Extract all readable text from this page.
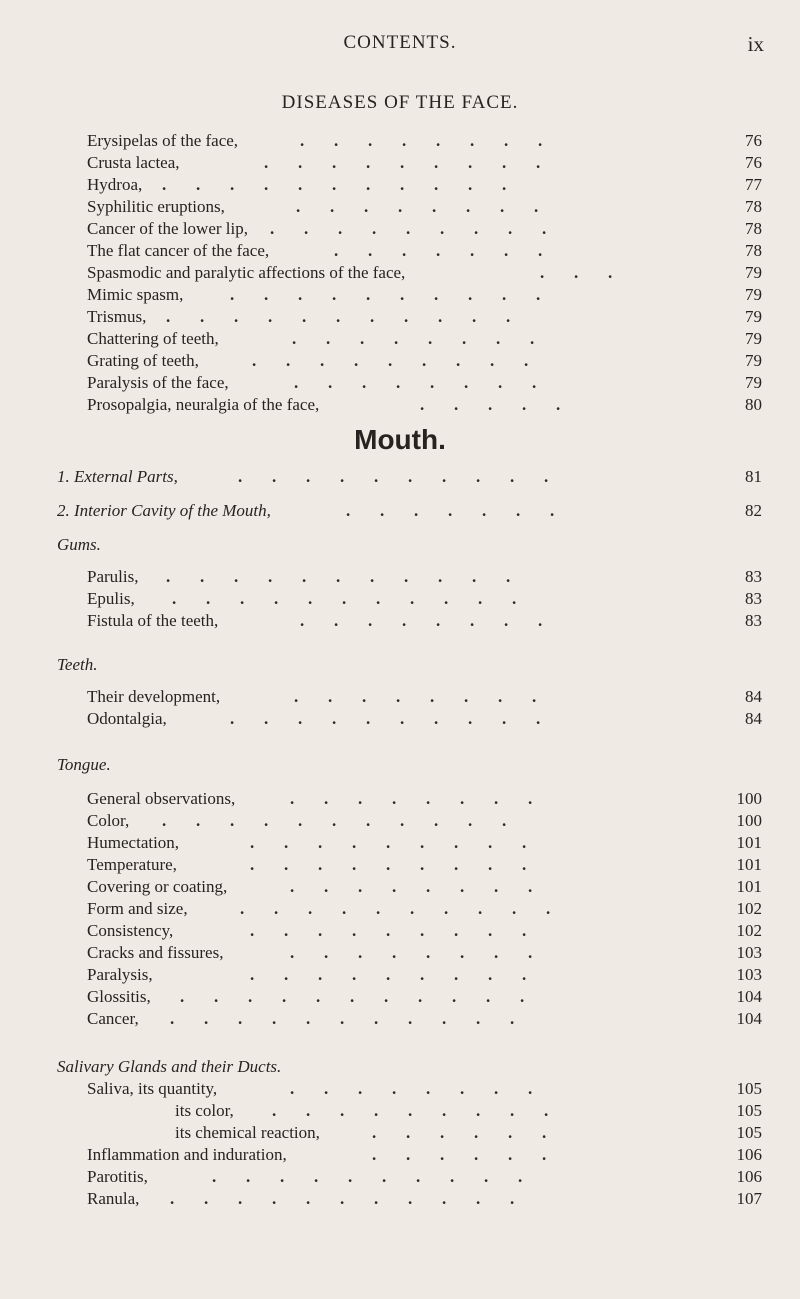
CONTENTS.	ix
DISEASES OF THE FACE.
Erysipelas of the face,	.       .       .       .       .       .       .       .	76
Crusta lactea,	.       .       .       .       .       .       .       .       .	76
Hydroa, .       .       .       .       .       .       .       .       .       .       .	77
Syphilitic eruptions,	.       .       .       .       .       .       .       .	78
Cancer of the lower lip, .       .       .       .       .       .       .       .       .	78
The flat cancer of the face,	.       .       .       .       .       .       .	78
Spasmodic and paralytic affections of the face,	.       .       .	79
Mimic spasm,	.       .       .       .       .       .       .       .       .       .	79
Trismus, .       .       .       .       .       .       .       .       .       .       .	79
Chattering of teeth,	.       .       .       .       .       .       .       .	79
Grating of teeth,	.       .       .       .       .       .       .       .       .	79
Paralysis of the face,	.       .       .       .       .       .       .       .	79
Prosopalgia, neuralgia of the face,	.       .       .       .       .	80
Mouth.
1. External Parts,	.       .       .       .       .       .       .       .       .       .	81
2. Interior Cavity of the Mouth,	.       .       .       .       .       .       .	82
Gums.
Parulis, .       .       .       .       .       .       .       .       .       .       .	83
Epulis, .       .       .       .       .       .       .       .       .       .       .	83
Fistula of the teeth,	.       .       .       .       .       .       .       .	83
Teeth.
Their development,	.       .       .       .       .       .       .       .	84
Odontalgia,	.       .       .       .       .       .       .       .       .       .	84
Tongue.
General observations,	.       .       .       .       .       .       .       .	100
Color, .       .       .       .       .       .       .       .       .       .       .	100
Humectation,	.       .       .       .       .       .       .       .       .	101
Temperature,	.       .       .       .       .       .       .       .       .	101
Covering or coating,	.       .       .       .       .       .       .       .	101
Form and size,	.       .       .       .       .       .       .       .       .       .	102
Consistency,	.       .       .       .       .       .       .       .       .	102
Cracks and fissures,	.       .       .       .       .       .       .       .	103
Paralysis,	.       .       .       .       .       .       .       .       .	103
Glossitis, .       .       .       .       .       .       .       .       .       .       .	104
Cancer, .       .       .       .       .       .       .       .       .       .       .	104
Salivary Glands and their Ducts.
Saliva, its quantity,	.       .       .       .       .       .       .       .	105
its color, .       .       .       .       .       .       .       .       .	105
its chemical reaction,	.       .       .       .       .       .	105
Inflammation and induration,	.       .       .       .       .       .	106
Parotitis,	.       .       .       .       .       .       .       .       .       .	106
Ranula, .       .       .       .       .       .       .       .       .       .       .	107
